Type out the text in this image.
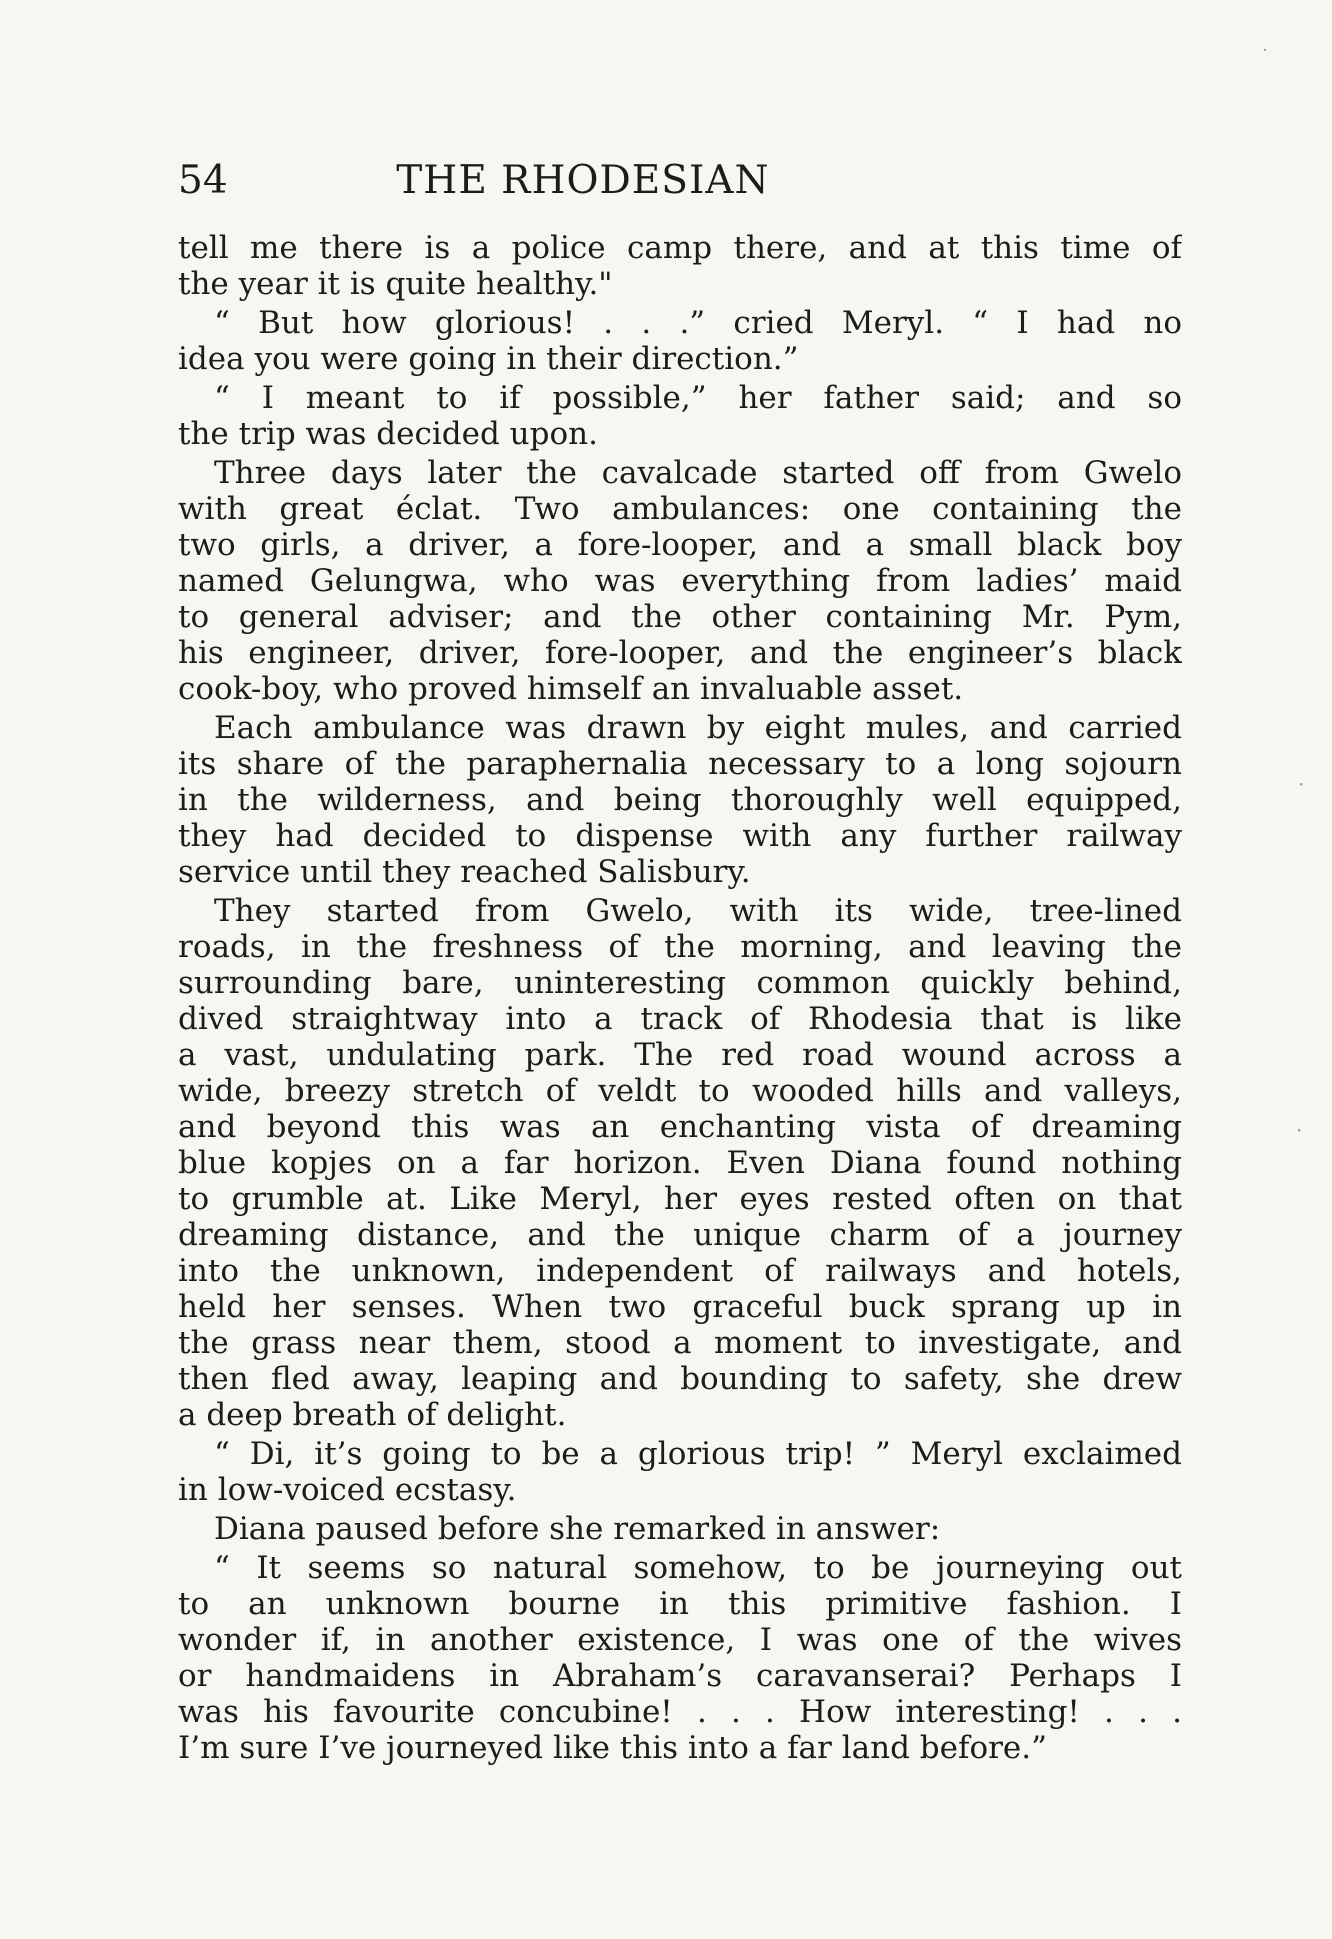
54	THE RHODESIAN
tell me there is a police camp there, and at this time of
the year it is quite healthy."
“ But how glorious! . . .” cried Meryl. “ I had no
idea you were going in their direction.”
“ I meant to if possible,” her father said; and so
the trip was decided upon.
Three days later the cavalcade started off from Gwelo
with great éclat. Two ambulances: one containing the
two girls, a driver, a fore-looper, and a small black boy
named Gelungwa, who was everything from ladies’ maid
to general adviser; and the other containing Mr. Pym,
his engineer, driver, fore-looper, and the engineer’s black
cook-boy, who proved himself an invaluable asset.
Each ambulance was drawn by eight mules, and carried
its share of the paraphernalia necessary to a long sojourn
in the wilderness, and being thoroughly well equipped,
they had decided to dispense with any further railway
service until they reached Salisbury.
They started from Gwelo, with its wide, tree-lined
roads, in the freshness of the morning, and leaving the
surrounding bare, uninteresting common quickly behind,
dived straightway into a track of Rhodesia that is like
a vast, undulating park. The red road wound across a
wide, breezy stretch of veldt to wooded hills and valleys,
and beyond this was an enchanting vista of dreaming
blue kopjes on a far horizon. Even Diana found nothing
to grumble at. Like Meryl, her eyes rested often on that
dreaming distance, and the unique charm of a journey
into the unknown, independent of railways and hotels,
held her senses. When two graceful buck sprang up in
the grass near them, stood a moment to investigate, and
then fled away, leaping and bounding to safety, she drew
a deep breath of delight.
“ Di, it’s going to be a glorious trip! ” Meryl exclaimed
in low-voiced ecstasy.
Diana paused before she remarked in answer:
“ It seems so natural somehow, to be journeying out
to an unknown bourne in this primitive fashion. I
wonder if, in another existence, I was one of the wives
or handmaidens in Abraham’s caravanserai? Perhaps I
was his favourite concubine! . . . How interesting! . . .
I’m sure I’ve journeyed like this into a far land before.”
·
·
·
